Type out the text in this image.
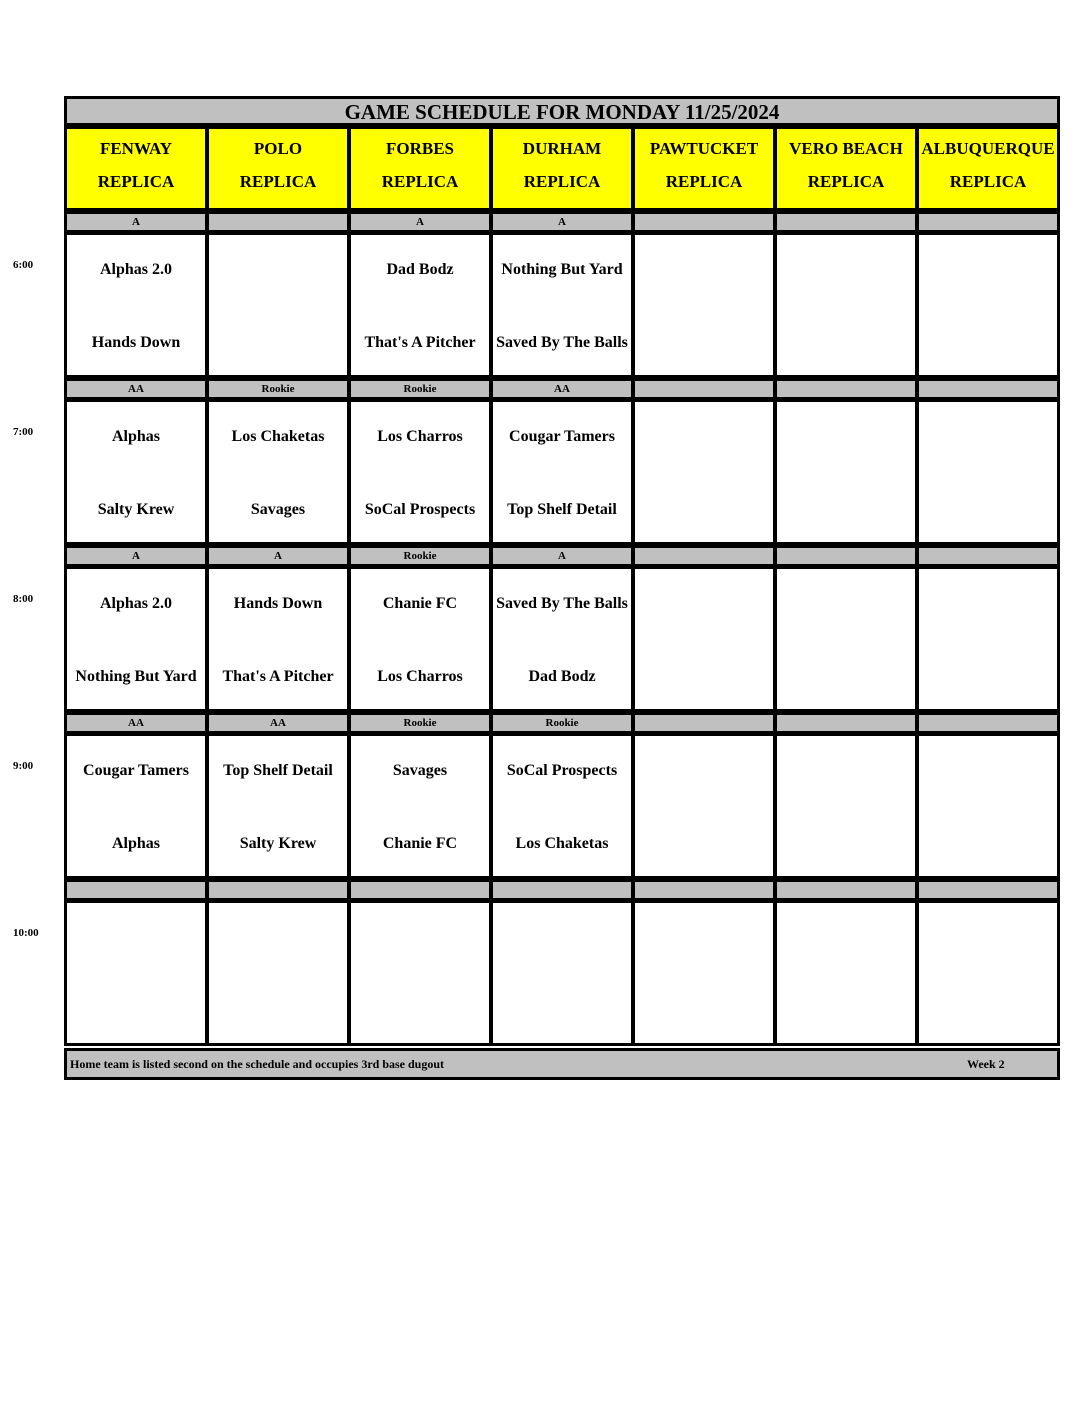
6:00
7:00
8:00
9:00
10:00
GAME SCHEDULE FOR MONDAY 11/25/2024
FENWAY
REPLICA
POLO
REPLICA
FORBES
REPLICA
DURHAM
REPLICA
PAWTUCKET
REPLICA
VERO BEACH
REPLICA
ALBUQUERQUE
REPLICA
A
Alphas 2.0
Hands Down
A
Dad Bodz
That's A Pitcher
A
Nothing But Yard
Saved By The Balls
AA
Alphas
Salty Krew
Rookie
Los Chaketas
Savages
Rookie
Los Charros
SoCal Prospects
AA
Cougar Tamers
Top Shelf Detail
A
Alphas 2.0
Nothing But Yard
A
Hands Down
That's A Pitcher
Rookie
Chanie FC
Los Charros
A
Saved By The Balls
Dad Bodz
AA
Cougar Tamers
Alphas
AA
Top Shelf Detail
Salty Krew
Rookie
Savages
Chanie FC
Rookie
SoCal Prospects
Los Chaketas
Home team is listed second on the schedule and occupies 3rd base dugout	Week 2
